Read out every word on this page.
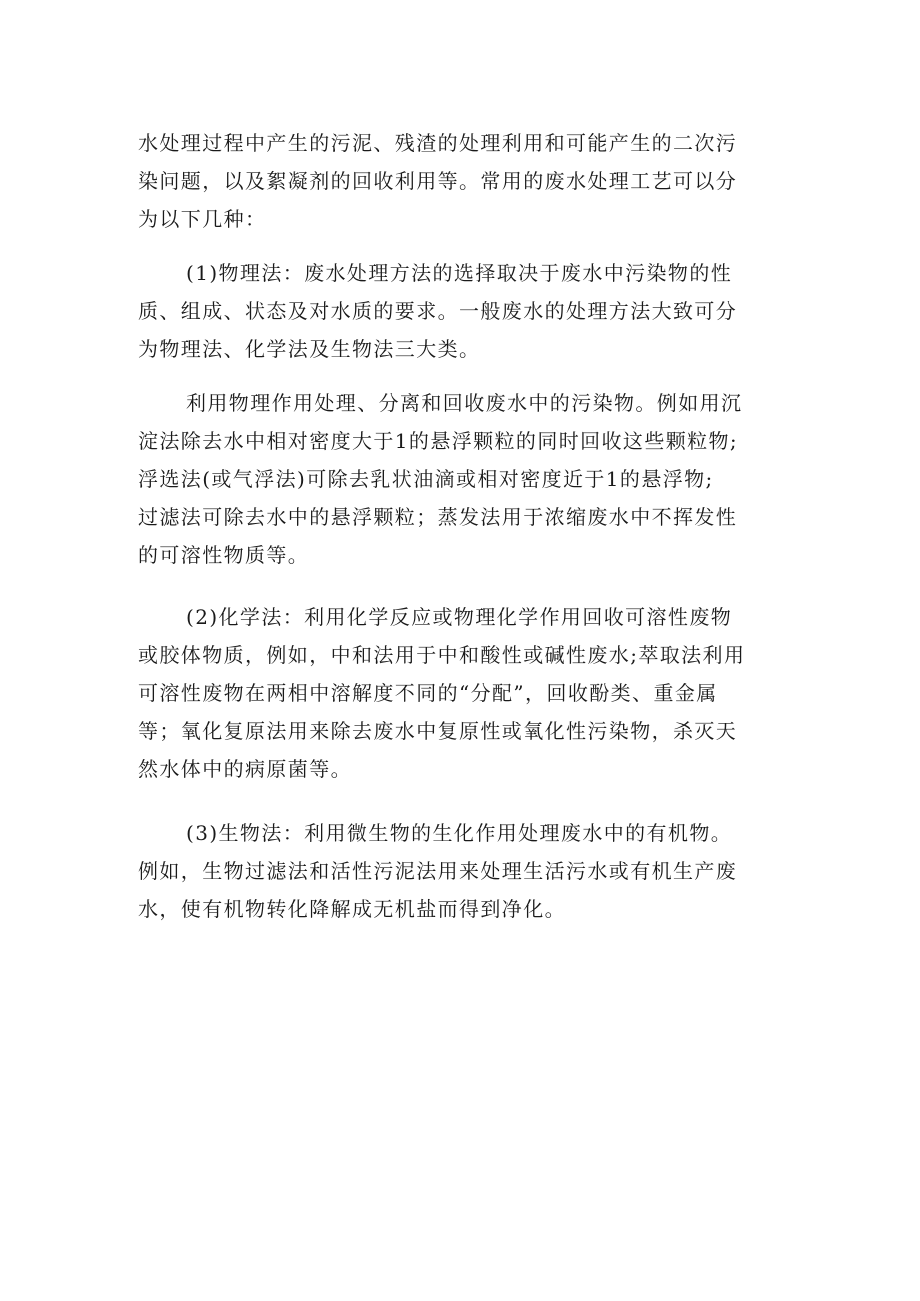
水处理过程中产生的污泥、残渣的处理利用和可能产生的二次污
染问题，以及絮凝剂的回收利用等。常用的废水处理工艺可以分
为以下几种：
(1)物理法：废水处理方法的选择取决于废水中污染物的性
质、组成、状态及对水质的要求。一般废水的处理方法大致可分
为物理法、化学法及生物法三大类。
利用物理作用处理、分离和回收废水中的污染物。例如用沉
淀法除去水中相对密度大于1的悬浮颗粒的同时回收这些颗粒物;
浮选法(或气浮法)可除去乳状油滴或相对密度近于1的悬浮物;
过滤法可除去水中的悬浮颗粒；蒸发法用于浓缩废水中不挥发性
的可溶性物质等。
(2)化学法：利用化学反应或物理化学作用回收可溶性废物
或胶体物质，例如，中和法用于中和酸性或碱性废水;萃取法利用
可溶性废物在两相中溶解度不同的“分配”，回收酚类、重金属
等；氧化复原法用来除去废水中复原性或氧化性污染物，杀灭天
然水体中的病原菌等。
(3)生物法：利用微生物的生化作用处理废水中的有机物。
例如，生物过滤法和活性污泥法用来处理生活污水或有机生产废
水，使有机物转化降解成无机盐而得到净化。
